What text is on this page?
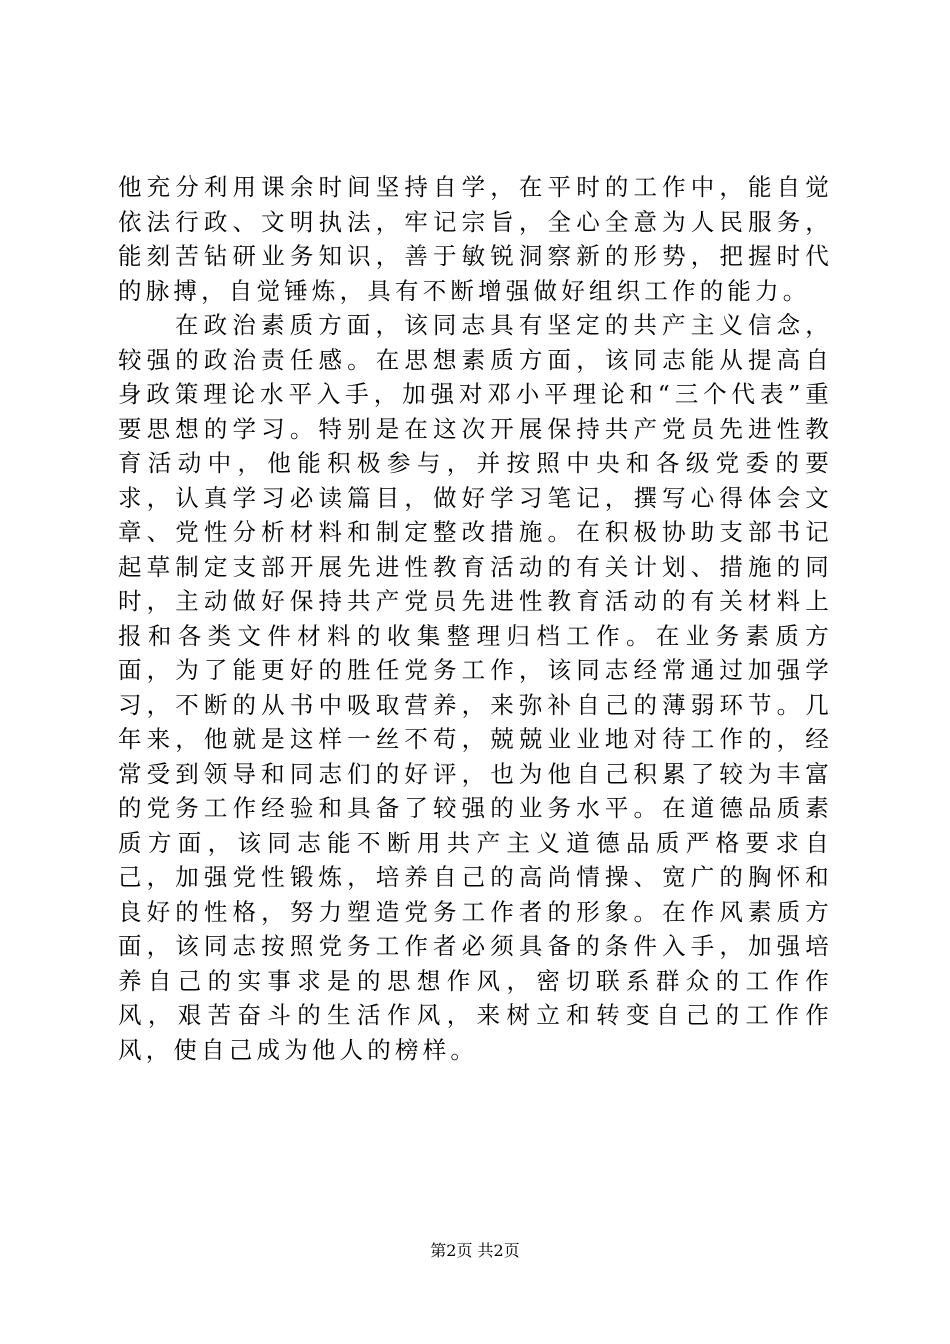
他充分利用课余时间坚持自学，在平时的工作中，能自觉依法行政、文明执法，牢记宗旨，全心全意为人民服务，能刻苦钻研业务知识，善于敏锐洞察新的形势，把握时代的脉搏，自觉锤炼，具有不断增强做好组织工作的能力。

在政治素质方面，该同志具有坚定的共产主义信念，较强的政治责任感。在思想素质方面，该同志能从提高自身政策理论水平入手，加强对邓小平理论和“三个代表”重要思想的学习。特别是在这次开展保持共产党员先进性教育活动中，他能积极参与，并按照中央和各级党委的要求，认真学习必读篇目，做好学习笔记，撰写心得体会文章、党性分析材料和制定整改措施。在积极协助支部书记起草制定支部开展先进性教育活动的有关计划、措施的同时，主动做好保持共产党员先进性教育活动的有关材料上报和各类文件材料的收集整理归档工作。在业务素质方面，为了能更好的胜任党务工作，该同志经常通过加强学习，不断的从书中吸取营养，来弥补自己的薄弱环节。几年来，他就是这样一丝不苟，兢兢业业地对待工作的，经常受到领导和同志们的好评，也为他自己积累了较为丰富的党务工作经验和具备了较强的业务水平。在道德品质素质方面，该同志能不断用共产主义道德品质严格要求自己，加强党性锻炼，培养自己的高尚情操、宽广的胸怀和良好的性格，努力塑造党务工作者的形象。在作风素质方面，该同志按照党务工作者必须具备的条件入手，加强培养自己的实事求是的思想作风，密切联系群众的工作作风，艰苦奋斗的生活作风，来树立和转变自己的工作作风，使自己成为他人的榜样。

第2页 共2页
